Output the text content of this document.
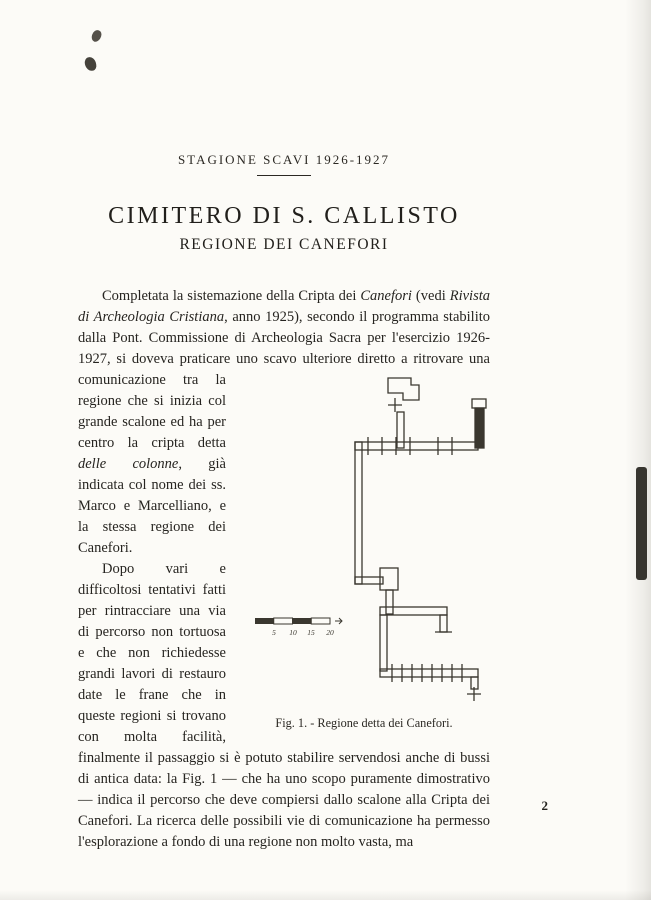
STAGIONE SCAVI 1926-1927
CIMITERO DI S. CALLISTO
REGIONE DEI CANEFORI

Completata la sistemazione della Cripta dei Canefori (vedi Rivista di Archeologia Cristiana, anno 1925), secondo il programma stabilito dalla Pont. Commissione di Archeologia Sacra per l'esercizio 1926-1927, si doveva praticare uno scavo ulteriore diretto a
5 10 15 20
Fig. 1. - Regione detta dei Canefori.
ritrovare una comunicazione tra la regione che si inizia col grande scalone ed ha per centro la cripta detta delle colonne, già indicata col nome dei ss. Marco e Marcelliano, e la stessa regione dei Canefori.

Dopo vari e difficoltosi tentativi fatti per rintracciare una via di percorso non tortuosa e che non richiedesse grandi lavori di restauro date le frane che in queste regioni si trovano con molta facilità, finalmente il passaggio si è potuto stabilire servendosi anche di bussi di antica data: la Fig. 1 — che ha uno scopo puramente dimostrativo — indica il percorso che deve compiersi dallo scalone alla Cripta dei Canefori. La ricerca delle possibili vie di comunicazione ha permesso l'esplorazione a fondo di una regione non molto vasta, ma

2
